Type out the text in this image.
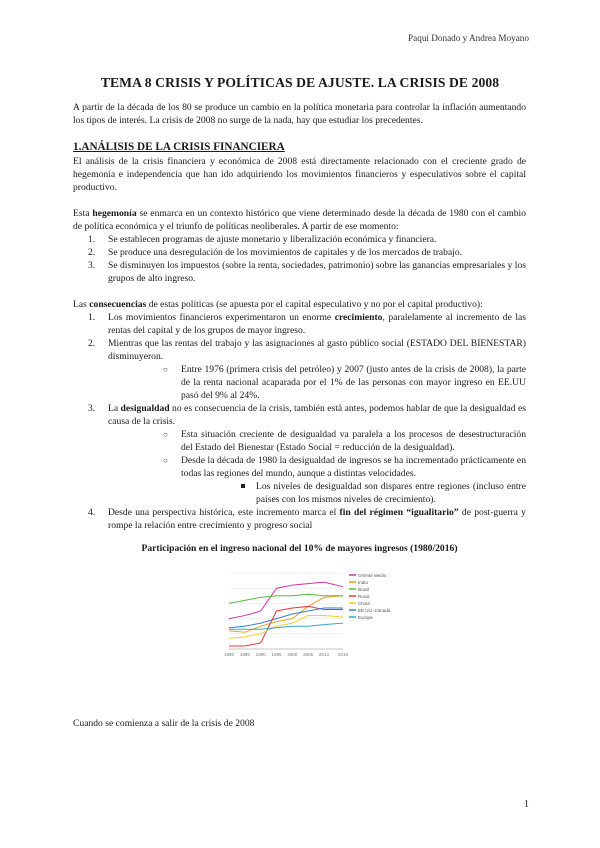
Paqui Donado y Andrea Moyano
TEMA 8 CRISIS Y POLÍTICAS DE AJUSTE. LA CRISIS DE 2008

A partir de la década de los 80 se produce un cambio en la política monetaria para controlar la inflación aumentando los tipos de interés. La crisis de 2008 no surge de la nada, hay que estudiar los precedentes.

1.ANÁLISIS DE LA CRISIS FINANCIERA

El análisis de la crisis financiera y económica de 2008 está directamente relacionado con el creciente grado de hegemonía e independencia que han ido adquiriendo los movimientos financieros y especulativos sobre el capital productivo.

Esta hegemonía se enmarca en un contexto histórico que viene determinado desde la década de 1980 con el cambio de política económica y el triunfo de políticas neoliberales. A partir de ese momento:

1. Se establecen programas de ajuste monetario y liberalización económica y financiera.
2. Se produce una desregulación de los movimientos de capitales y de los mercados de trabajo.
3. Se disminuyen los impuestos (sobre la renta, sociedades, patrimonio) sobre las ganancias empresariales y los grupos de alto ingreso.

Las consecuencias de estas políticas (se apuesta por el capital especulativo y no por el capital productivo):

1. Los movimientos financieros experimentaron un enorme crecimiento, paralelamente al incremento de las rentas del capital y de los grupos de mayor ingreso.
2. Mientras que las rentas del trabajo y las asignaciones al gasto público social (ESTADO DEL BIENESTAR) disminuyeron.
○ Entre 1976 (primera crisis del petróleo) y 2007 (justo antes de la crisis de 2008), la parte de la renta nacional acaparada por el 1% de las personas con mayor ingreso en EE.UU pasó del 9% al 24%.
3. La desigualdad no es consecuencia de la crisis, también está antes, podemos hablar de que la desigualdad es causa de la crisis.
○ Esta situación creciente de desigualdad va paralela a los procesos de desestructuración del Estado del Bienestar (Estado Social = reducción de la desigualdad).
○ Desde la década de 1980 la desigualdad de ingresos se ha incrementado prácticamente en todas las regiones del mundo, aunque a distintas velocidades.
Los niveles de desigualdad son dispares entre regiones (incluso entre países con los mismos niveles de crecimiento).
4. Desde una perspectiva histórica, este incremento marca el fin del régimen “igualitario” de post-guerra y rompe la relación entre crecimiento y progreso social
Participación en el ingreso nacional del 10% de mayores ingresos (1980/2016)
1980 1985 1990 1995 2000 2005 2010 2016
Oriente Medio
India
Brasil
Rusia
China
EE.UU.-Canadá
Europa
Cuando se comienza a salir de la crisis de 2008
1
